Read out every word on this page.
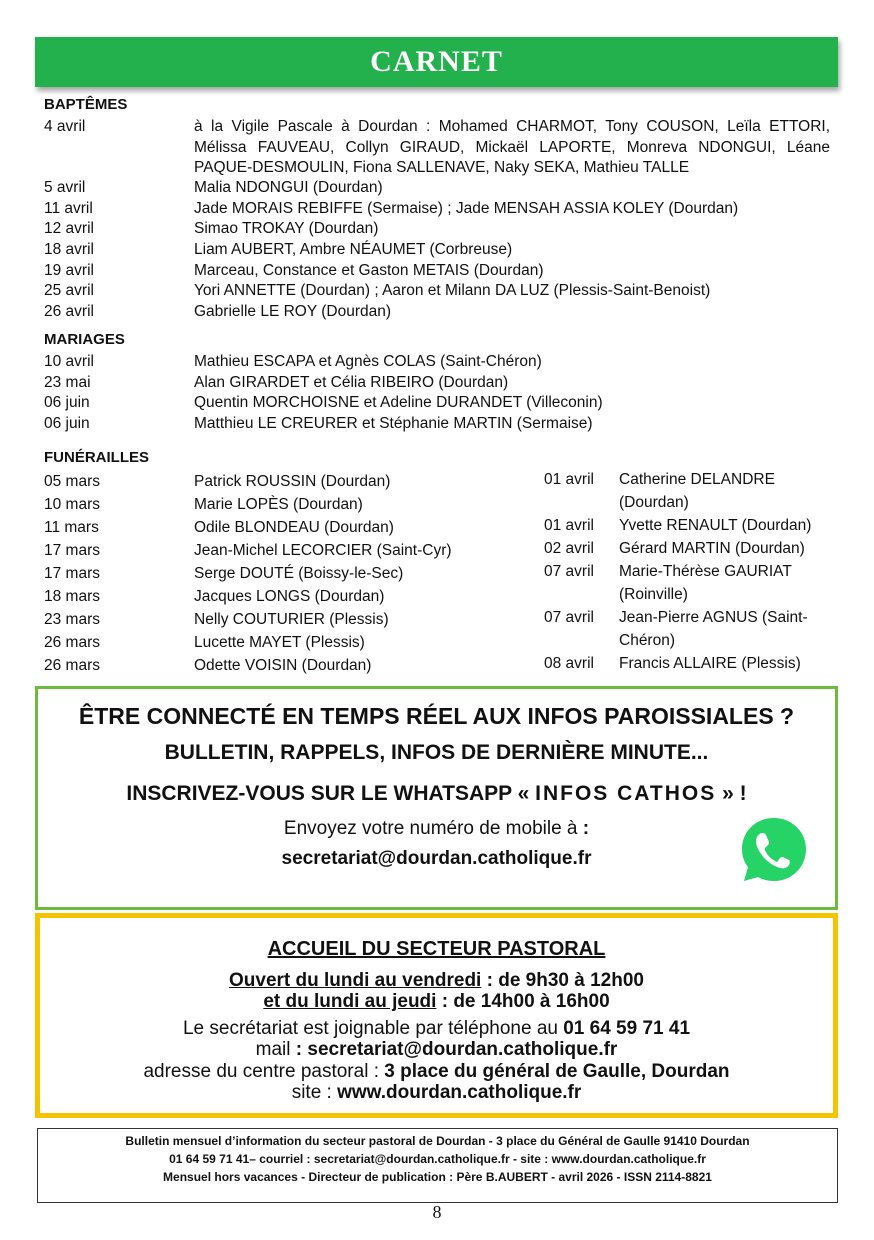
CARNET
BAPTÊMES
4 avril	à la Vigile Pascale à Dourdan : Mohamed CHARMOT, Tony COUSON, Leïla ETTORI, Mélissa FAUVEAU, Collyn GIRAUD, Mickaël LAPORTE, Monreva NDONGUI, Léane PAQUE-DESMOULIN, Fiona SALLENAVE, Naky SEKA, Mathieu TALLE
5 avril	Malia NDONGUI (Dourdan)
11 avril	Jade MORAIS REBIFFE (Sermaise) ; Jade MENSAH ASSIA KOLEY (Dourdan)
12 avril	Simao TROKAY (Dourdan)
18 avril	Liam AUBERT, Ambre NÉAUMET (Corbreuse)
19 avril	Marceau, Constance et Gaston METAIS (Dourdan)
25 avril	Yori ANNETTE (Dourdan) ; Aaron et Milann DA LUZ (Plessis-Saint-Benoist)
26 avril	Gabrielle LE ROY (Dourdan)
MARIAGES
10 avril	Mathieu ESCAPA et Agnès COLAS (Saint-Chéron)
23 mai	Alan GIRARDET et Célia RIBEIRO (Dourdan)
06 juin	Quentin MORCHOISNE et Adeline DURANDET (Villeconin)
06 juin	Matthieu LE CREURER et Stéphanie MARTIN (Sermaise)
FUNÉRAILLES
05 mars	Patrick ROUSSIN (Dourdan)
10 mars	Marie LOPÈS (Dourdan)
11 mars	Odile BLONDEAU (Dourdan)
17 mars	Jean-Michel LECORCIER (Saint-Cyr)
17 mars	Serge DOUTÉ (Boissy-le-Sec)
18 mars	Jacques LONGS (Dourdan)
23 mars	Nelly COUTURIER (Plessis)
26 mars	Lucette MAYET (Plessis)
26 mars	Odette VOISIN (Dourdan)
01 avril Catherine DELANDRE (Dourdan)
01 avril Yvette RENAULT (Dourdan)
02 avril Gérard MARTIN (Dourdan)
07 avril Marie-Thérèse GAURIAT (Roinville)
07 avril Jean-Pierre AGNUS (Saint-Chéron)
08 avril Francis ALLAIRE (Plessis)
ÊTRE CONNECTÉ EN TEMPS RÉEL AUX INFOS PAROISSIALES ?
BULLETIN, RAPPELS, INFOS DE DERNIÈRE MINUTE...
INSCRIVEZ-VOUS SUR LE WHATSAPP « INFOS CATHOS » !
Envoyez votre numéro de mobile à :
secretariat@dourdan.catholique.fr
ACCUEIL DU SECTEUR PASTORAL
Ouvert du lundi au vendredi : de 9h30 à 12h00
et du lundi au jeudi : de 14h00 à 16h00
Le secrétariat est joignable par téléphone au 01 64 59 71 41
mail : secretariat@dourdan.catholique.fr
adresse du centre pastoral : 3 place du général de Gaulle, Dourdan
site : www.dourdan.catholique.fr
Bulletin mensuel d’information du secteur pastoral de Dourdan - 3 place du Général de Gaulle 91410 Dourdan
01 64 59 71 41– courriel : secretariat@dourdan.catholique.fr - site : www.dourdan.catholique.fr
Mensuel hors vacances - Directeur de publication : Père B.AUBERT - avril 2026 - ISSN 2114-8821
8
